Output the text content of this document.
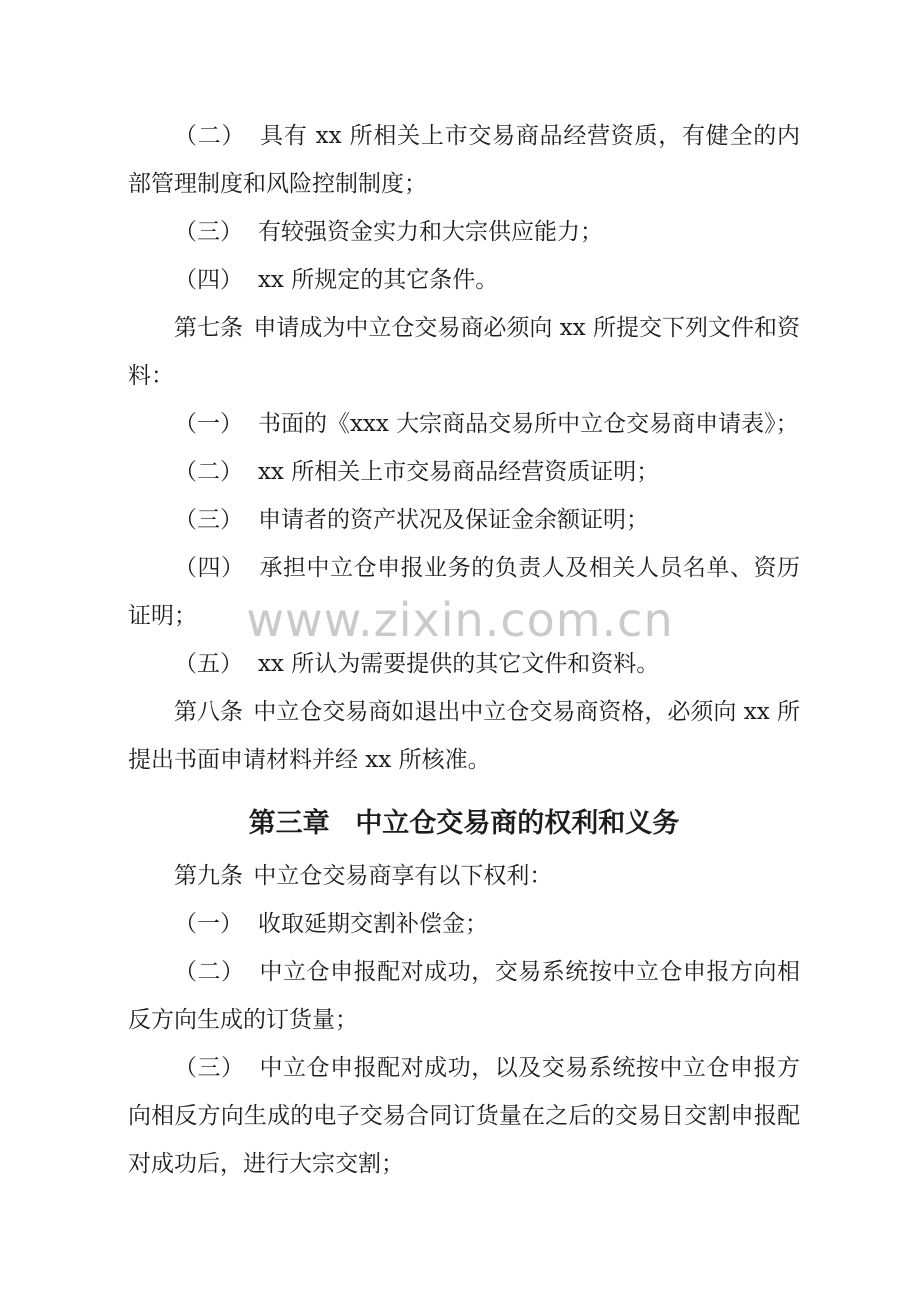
www.zixin.com.cn

（二） 具有 xx 所相关上市交易商品经营资质，有健全的内部管理制度和风险控制制度；

（三） 有较强资金实力和大宗供应能力；

（四） xx 所规定的其它条件。

第七条 申请成为中立仓交易商必须向 xx 所提交下列文件和资料：

（一） 书面的《xxx 大宗商品交易所中立仓交易商申请表》；

（二） xx 所相关上市交易商品经营资质证明；

（三） 申请者的资产状况及保证金余额证明；

（四） 承担中立仓申报业务的负责人及相关人员名单、资历证明；

（五） xx 所认为需要提供的其它文件和资料。

第八条 中立仓交易商如退出中立仓交易商资格，必须向 xx 所提出书面申请材料并经 xx 所核准。

第三章 中立仓交易商的权利和义务

第九条 中立仓交易商享有以下权利：

（一） 收取延期交割补偿金；

（二） 中立仓申报配对成功，交易系统按中立仓申报方向相反方向生成的订货量；

（三） 中立仓申报配对成功，以及交易系统按中立仓申报方向相反方向生成的电子交易合同订货量在之后的交易日交割申报配对成功后，进行大宗交割；
